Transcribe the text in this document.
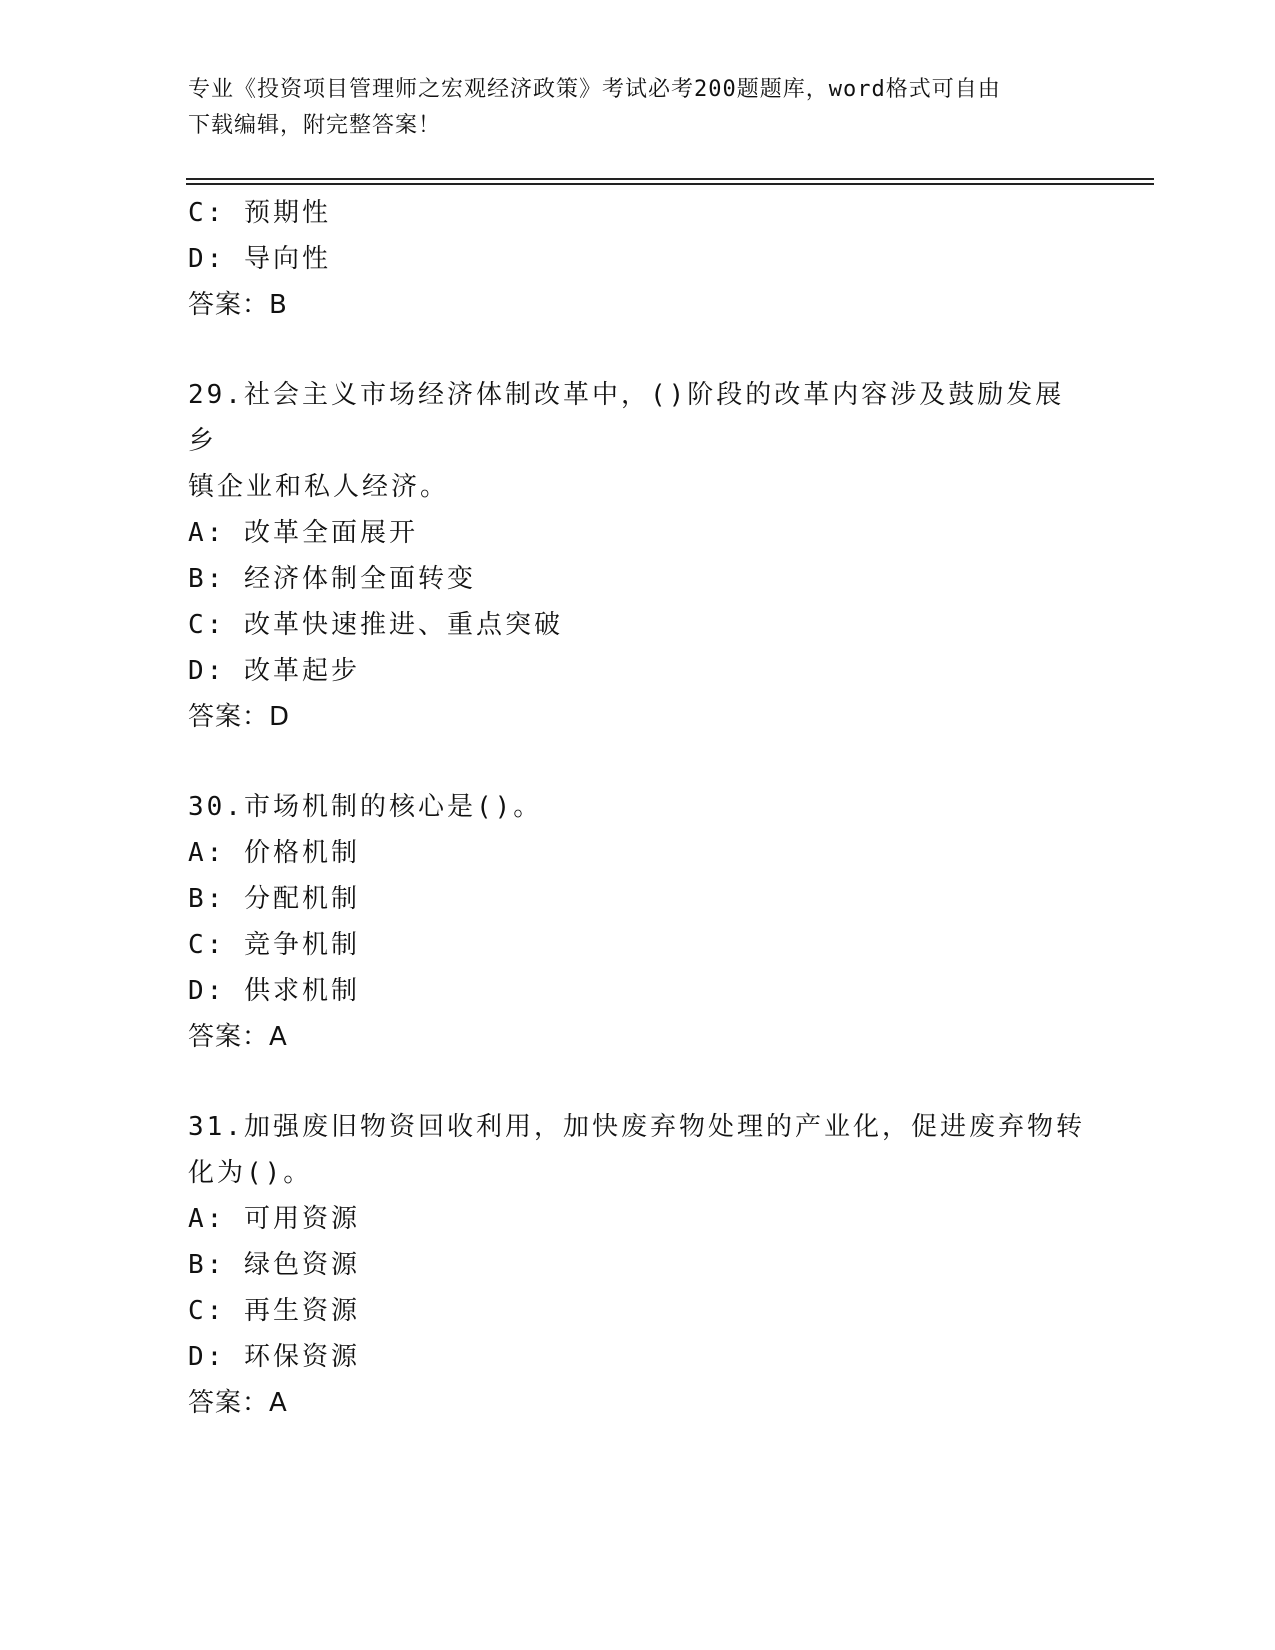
专业《投资项目管理师之宏观经济政策》考试必考200题题库，word格式可自由
下载编辑，附完整答案！
C: 预期性
D: 导向性
答案：B
29.社会主义市场经济体制改革中，()阶段的改革内容涉及鼓励发展乡
镇企业和私人经济。
A: 改革全面展开
B: 经济体制全面转变
C: 改革快速推进、重点突破
D: 改革起步
答案：D
30.市场机制的核心是()。
A: 价格机制
B: 分配机制
C: 竞争机制
D: 供求机制
答案：A
31.加强废旧物资回收利用，加快废弃物处理的产业化，促进废弃物转
化为()。
A: 可用资源
B: 绿色资源
C: 再生资源
D: 环保资源
答案：A
